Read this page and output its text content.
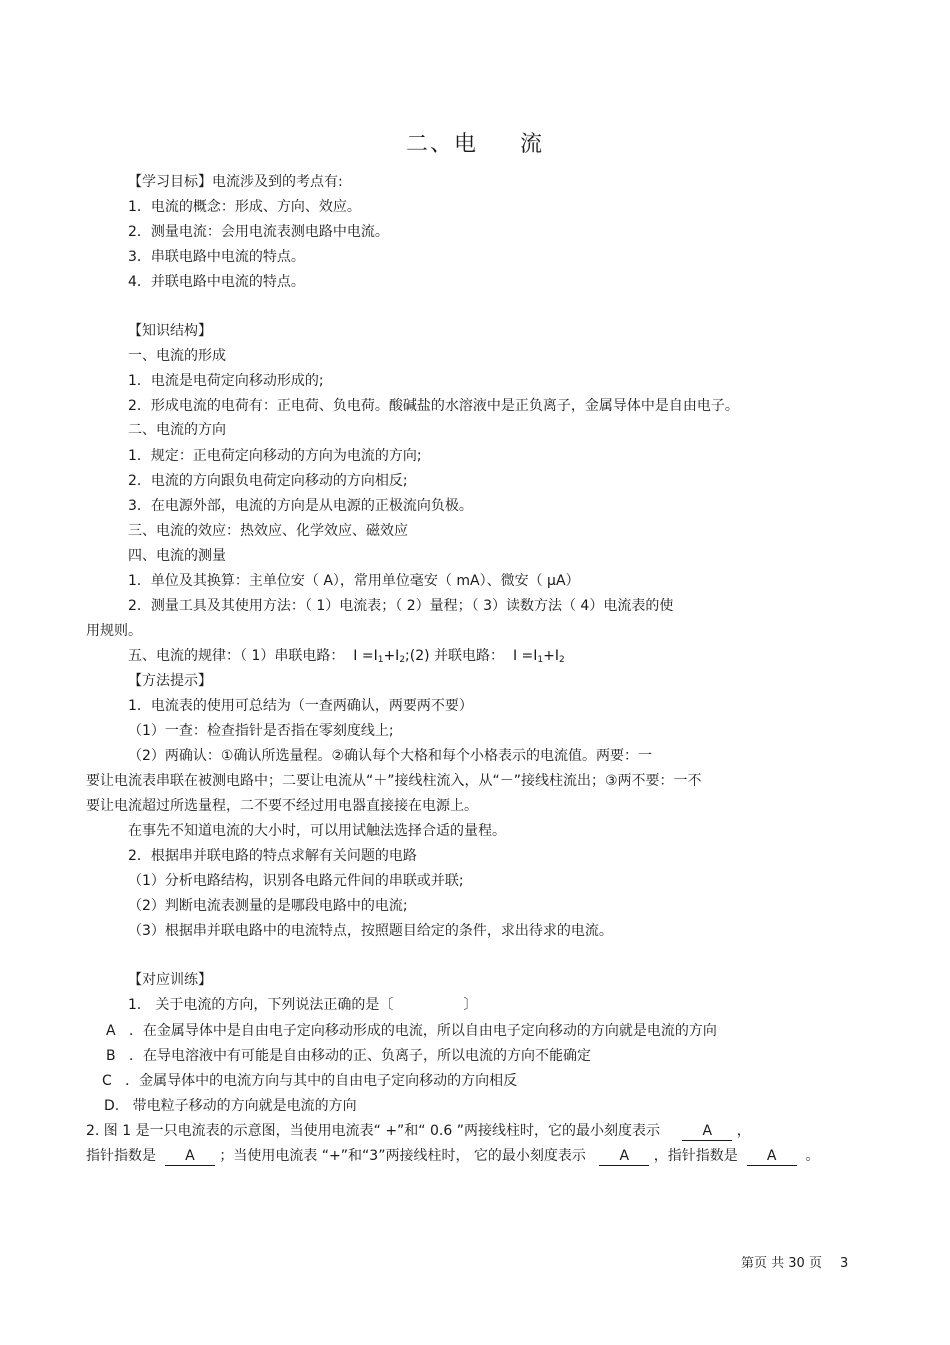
二、电 流
【学习目标】电流涉及到的考点有:
1．电流的概念：形成、方向、效应。
2．测量电流：会用电流表测电路中电流。
3．串联电路中电流的特点。
4．并联电路中电流的特点。
【知识结构】
一、电流的形成
1．电流是电荷定向移动形成的;
2．形成电流的电荷有：正电荷、负电荷。酸碱盐的水溶液中是正负离子，金属导体中是自由电子。
二、电流的方向
1．规定：正电荷定向移动的方向为电流的方向;
2．电流的方向跟负电荷定向移动的方向相反;
3．在电源外部，电流的方向是从电源的正极流向负极。
三、电流的效应：热效应、化学效应、磁效应
四、电流的测量
1．单位及其换算：主单位安（ A），常用单位毫安（ mA）、微安（ μA）
2．测量工具及其使用方法：（ 1）电流表；（ 2）量程；（ 3）读数方法（ 4）电流表的使
用规则。
五、电流的规律：（ 1）串联电路： $I =I_1+I_2;(2)$ 并联电路： $I =I_1+I_2$
【方法提示】
1．电流表的使用可总结为（一查两确认，两要两不要）
（1）一查：检查指针是否指在零刻度线上;
（2）两确认：①确认所选量程。②确认每个大格和每个小格表示的电流值。两要：一
要让电流表串联在被测电路中；二要让电流从“＋”接线柱流入，从“－”接线柱流出；③两不要：一不
要让电流超过所选量程，二不要不经过用电器直接接在电源上。
在事先不知道电流的大小时，可以用试触法选择合适的量程。
2．根据串并联电路的特点求解有关问题的电路
（1）分析电路结构，识别各电路元件间的串联或并联;
（2）判断电流表测量的是哪段电路中的电流;
（3）根据串并联电路中的电流特点，按照题目给定的条件，求出待求的电流。
【对应训练】
1． 关于电流的方向，下列说法正确的是〔	〕
A ．在金属导体中是自由电子定向移动形成的电流，所以自由电子定向移动的方向就是电流的方向
B ．在导电溶液中有可能是自由移动的正、负离子，所以电流的方向不能确定
C ．金属导体中的电流方向与其中的自由电子定向移动的方向相反
D. 带电粒子移动的方向就是电流的方向
2. 图 1 是一只电流表的示意图，当使用电流表“ +”和“ 0.6 ”两接线柱时，它的最小刻度表示	A ，
指针指数是 A ；当使用电流表 “+”和“3”两接线柱时， 它的最小刻度表示 A ，指针指数是 A 。
第页 共 30 页 3
